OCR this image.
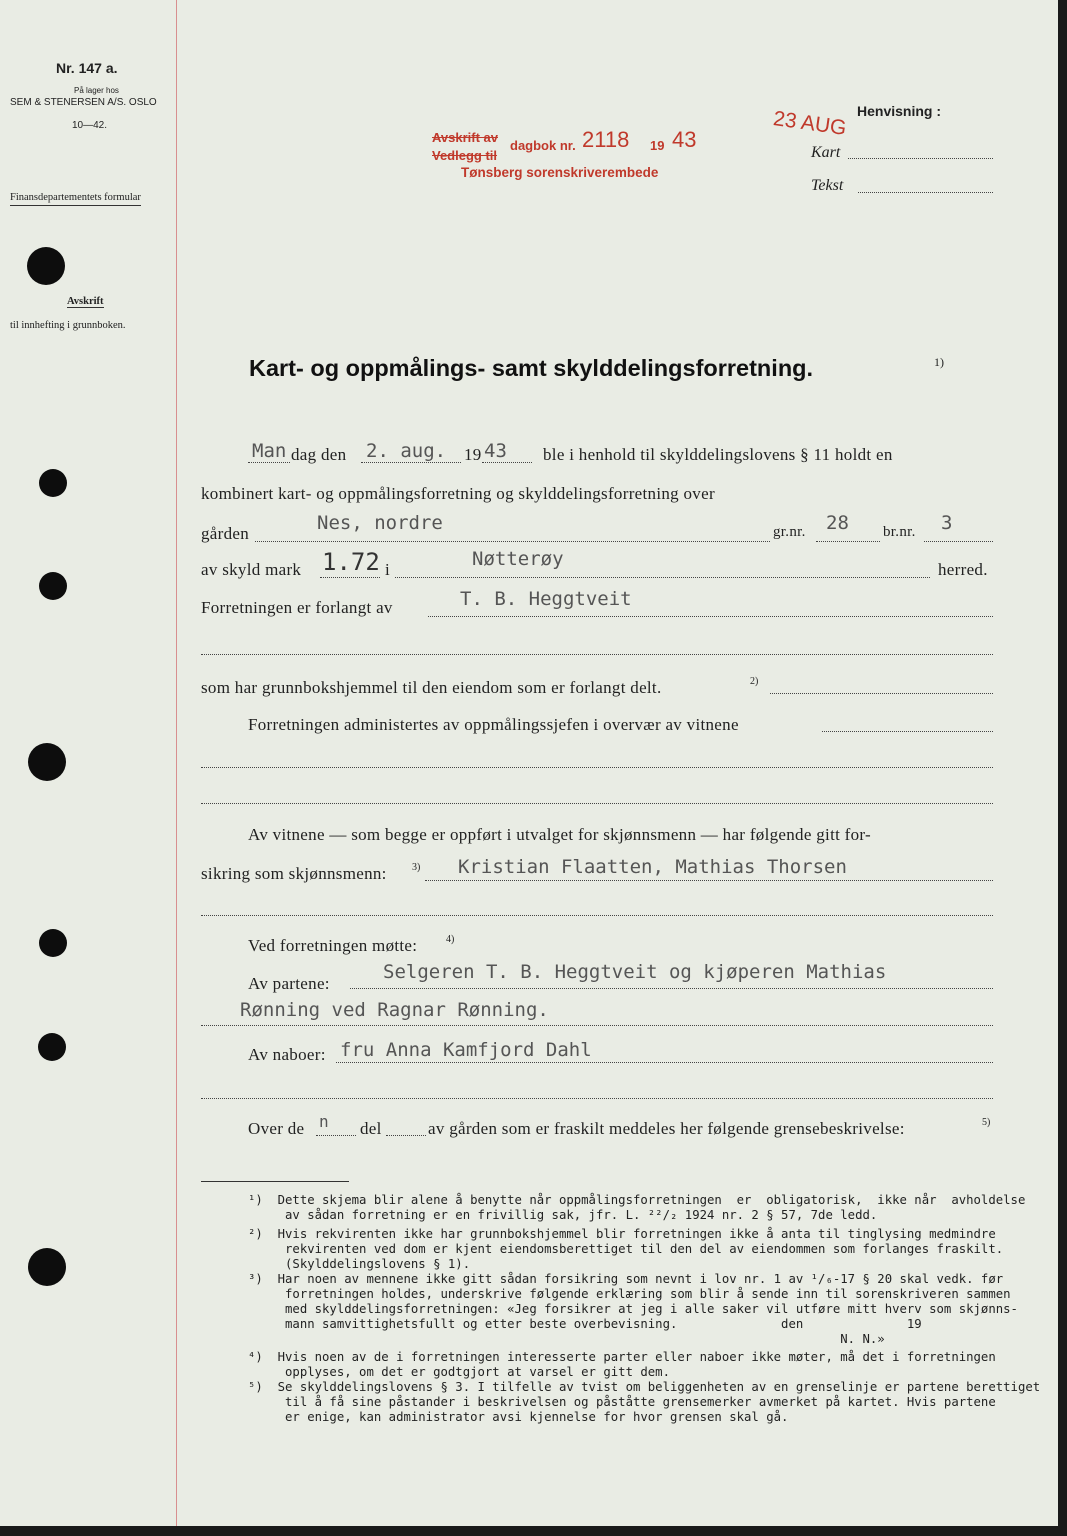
Nr. 147 a.
På lager hos
SEM & STENERSEN A/S. OSLO
10—42.
Finansdepartementets formular
Avskrift
til innhefting i grunnboken.
Avskrift av
Vedlegg til
dagbok nr. 2118 19 43	23 AUG
Tønsberg sorenskriverembede
Henvisning :
Kart
Tekst
Kart- og oppmålings- samt skylddelingsforretning.	1)
Man dag den 2. aug. 19 43 ble i henhold til skylddelingslovens § 11 holdt en
kombinert kart- og oppmålingsforretning og skylddelingsforretning over
gården	Nes, nordre	gr.nr. 28 br.nr. 3
av skyld mark 1.72 i	Nøtterøy	herred.
Forretningen er forlangt av	T. B. Heggtveit
som har grunnbokshjemmel til den eiendom som er forlangt delt.	2)
Forretningen administertes av oppmålingssjefen i overvær av vitnene
Av vitnene — som begge er oppført i utvalget for skjønnsmenn — har følgende gitt for-
sikring som skjønnsmenn:	3) Kristian Flaatten, Mathias Thorsen
Ved forretningen møtte:	4)
Av partene:
Selgeren T. B. Heggtveit og kjøperen Mathias
Rønning ved Ragnar Rønning.
Av naboer: fru Anna Kamfjord Dahl
Over de n del	av gården som er fraskilt meddeles her følgende grensebeskrivelse:	5)
¹)  Dette skjema blir alene å benytte når oppmålingsforretningen  er  obligatorisk,  ikke når  avholdelse
av sådan forretning er en frivillig sak, jfr. L. ²²/₂ 1924 nr. 2 § 57, 7de ledd.
²)  Hvis rekvirenten ikke har grunnbokshjemmel blir forretningen ikke å anta til tinglysing medmindre
rekvirenten ved dom er kjent eiendomsberettiget til den del av eiendommen som forlanges fraskilt.
(Skylddelingslovens § 1).
³)  Har noen av mennene ikke gitt sådan forsikring som nevnt i lov nr. 1 av ¹/₆-17 § 20 skal vedk. før
forretningen holdes, underskrive følgende erklæring som blir å sende inn til sorenskriveren sammen
med skylddelingsforretningen: «Jeg forsikrer at jeg i alle saker vil utføre mitt hverv som skjønns-
mann samvittighetsfullt og etter beste overbevisning.              den              19
N. N.»
⁴)  Hvis noen av de i forretningen interesserte parter eller naboer ikke møter, må det i forretningen
opplyses, om det er godtgjort at varsel er gitt dem.
⁵)  Se skylddelingslovens § 3. I tilfelle av tvist om beliggenheten av en grenselinje er partene berettiget
til å få sine påstander i beskrivelsen og påståtte grensemerker avmerket på kartet. Hvis partene
er enige, kan administrator avsi kjennelse for hvor grensen skal gå.
